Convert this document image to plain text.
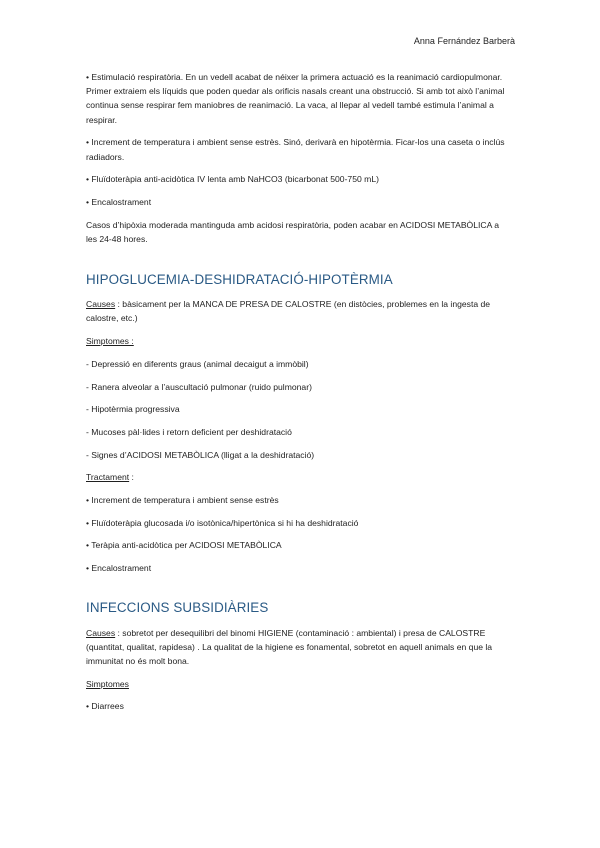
Anna Fernández Barberà

• Estimulació respiratòria. En un vedell acabat de néixer la primera actuació es la reanimació cardiopulmonar. Primer extraiem els líquids que poden quedar als orificis nasals creant una obstrucció. Si amb tot això l’animal continua sense respirar fem maniobres de reanimació. La vaca, al llepar al vedell també estimula l’animal a respirar.

• Increment de temperatura i ambient sense estrès. Sinó, derivarà en hipotèrmia. Ficar-los una caseta o inclús radiadors.

• Fluïdoteràpia anti-acidòtica IV lenta amb NaHCO3 (bicarbonat 500-750 mL)

• Encalostrament

Casos d’hipòxia moderada mantinguda amb acidosi respiratòria, poden acabar en ACIDOSI METABÒLICA a les 24-48 hores.

HIPOGLUCEMIA-DESHIDRATACIÓ-HIPOTÈRMIA

Causes : bàsicament per la MANCA DE PRESA DE CALOSTRE (en distòcies, problemes en la ingesta de calostre, etc.)

Simptomes :

- Depressió en diferents graus (animal decaigut a immòbil)

- Ranera alveolar a l’auscultació pulmonar (ruido pulmonar)

- Hipotèrmia progressiva

- Mucoses pàl·lides i retorn deficient per deshidratació

- Signes d’ACIDOSI METABÒLICA (lligat a la deshidratació)

Tractament :

• Increment de temperatura i ambient sense estrès

• Fluïdoteràpia glucosada i/o isotònica/hipertònica si hi ha deshidratació

• Teràpia anti-acidòtica per ACIDOSI METABÒLICA

• Encalostrament

INFECCIONS SUBSIDIÀRIES

Causes : sobretot per desequilibri del binomi HIGIENE (contaminació : ambiental) i presa de CALOSTRE (quantitat, qualitat, rapidesa) . La qualitat de la higiene es fonamental, sobretot en aquell animals en que la immunitat no és molt bona.

Simptomes

• Diarrees
